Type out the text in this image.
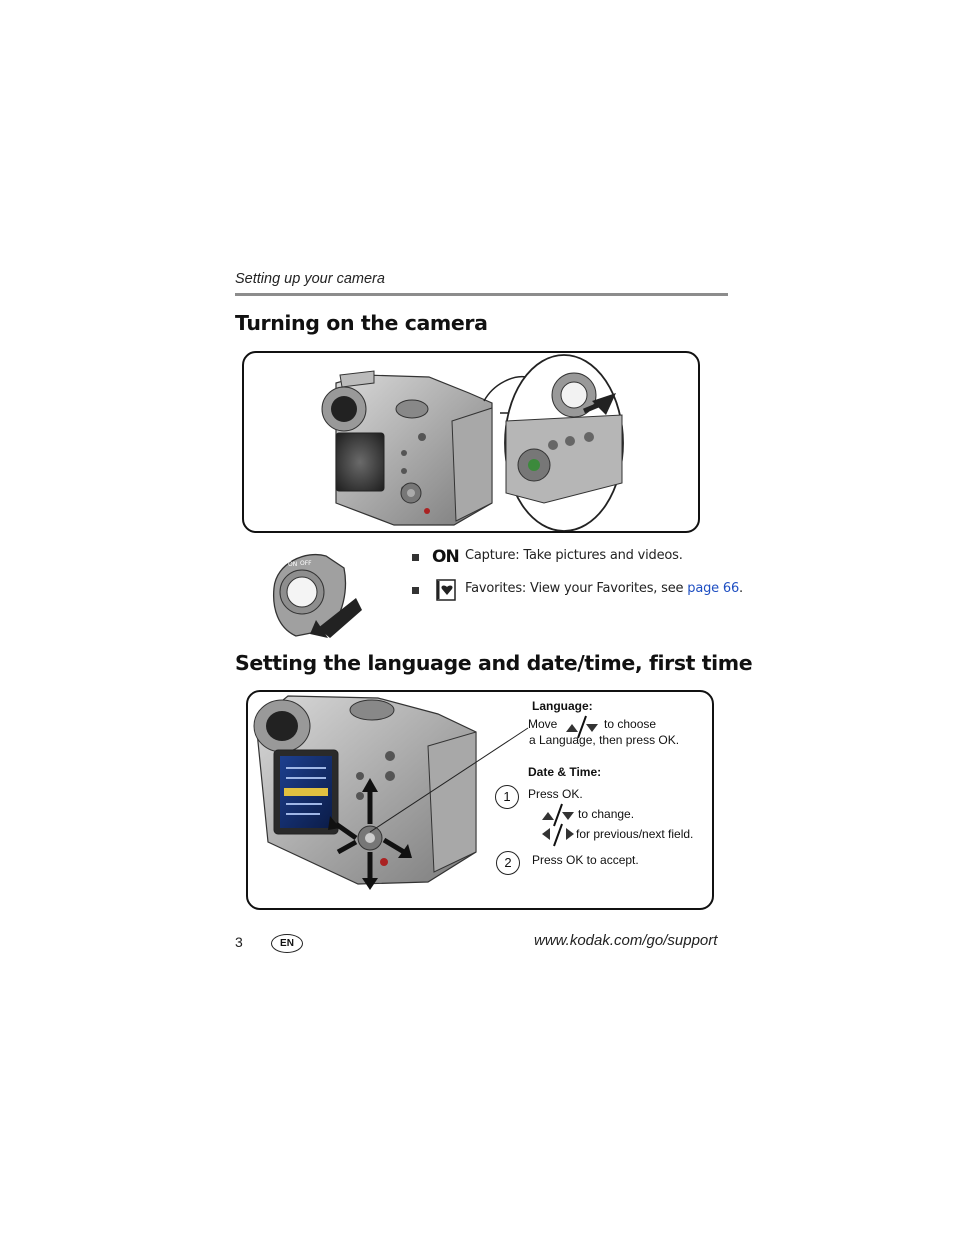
Setting up your camera
Turning on the camera
ON OFF	ON Capture: Take pictures and videos.
Favorites: View your Favorites, see page 66.
Setting the language and date/time, first time
Language:
Move	to choose
a Language, then press OK.
Date & Time:
1	Press OK.
to change.
for previous/next field.
2	Press OK to accept.
3	EN	www.kodak.com/go/support
